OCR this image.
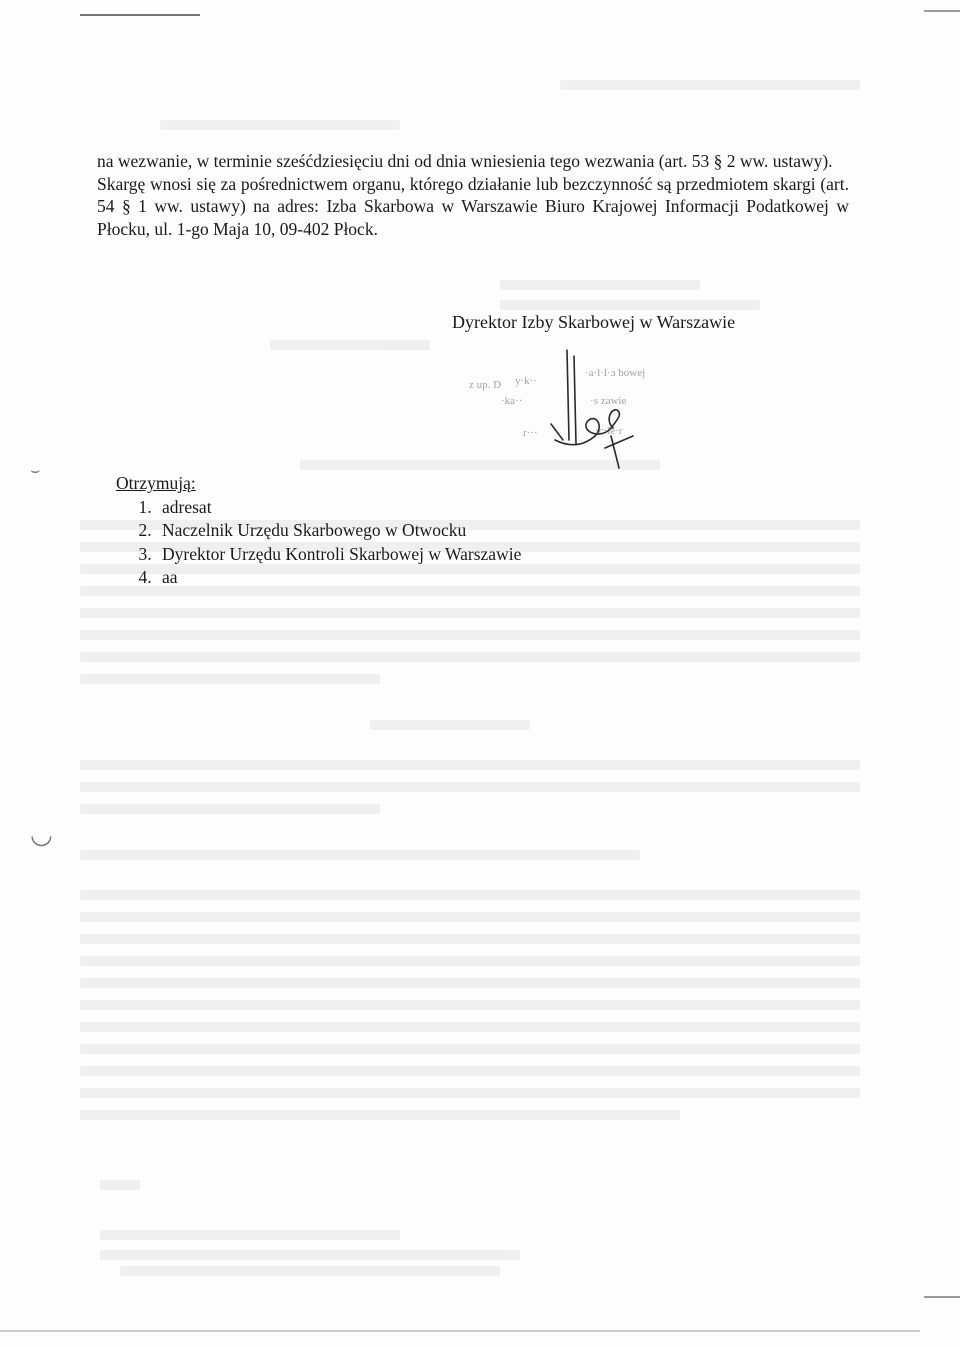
⌣
◡

na wezwanie, w terminie sześćdziesięciu dni od dnia wniesienia tego wezwania (art. 53 § 2 ww. ustawy).

Skargę wnosi się za pośrednictwem organu, którego działanie lub bezczynność są przedmiotem skargi (art. 54 § 1 ww. ustawy) na adres: Izba Skarbowa w Warszawie Biuro Krajowej Informacji Podatkowej w Płocku, ul. 1-go Maja 10, 09-402 Płock.

Dyrektor Izby Skarbowej w Warszawie

z up. D y·k··
·a·l·l·ɔ bowej
·ka··	·s zawie
r···	·c·le·r

Otrzymują:

1. adresat
2. Naczelnik Urzędu Skarbowego w Otwocku
3. Dyrektor Urzędu Kontroli Skarbowej w Warszawie
4. aa
